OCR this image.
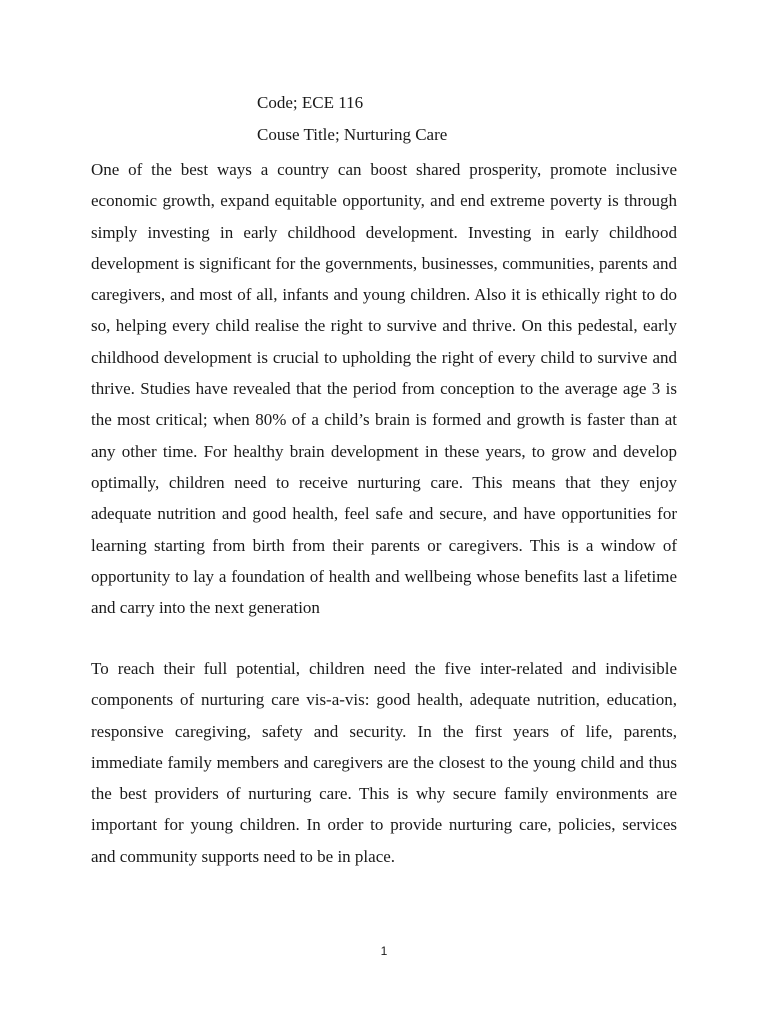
Code; ECE 116

Couse Title; Nurturing Care

One of the best ways a country can boost shared prosperity, promote inclusive economic growth, expand equitable opportunity, and end extreme poverty is through simply investing in early childhood development. Investing in early childhood development is significant for the governments, businesses, communities, parents and caregivers, and most of all, infants and young children. Also it is ethically right to do so, helping every child realise the right to survive and thrive. On this pedestal, early childhood development is crucial to upholding the right of every child to survive and thrive. Studies have revealed that the period from conception to the average age 3 is the most critical; when 80% of a child’s brain is formed and growth is faster than at any other time. For healthy brain development in these years, to grow and develop optimally, children need to receive nurturing care. This means that they enjoy adequate nutrition and good health, feel safe and secure, and have opportunities for learning starting from birth from their parents or caregivers. This is a window of opportunity to lay a foundation of health and wellbeing whose benefits last a lifetime and carry into the next generation

To reach their full potential, children need the five inter-related and indivisible components of nurturing care vis-a-vis: good health, adequate nutrition, education, responsive caregiving, safety and security. In the first years of life, parents, immediate family members and caregivers are the closest to the young child and thus the best providers of nurturing care. This is why secure family environments are important for young children. In order to provide nurturing care, policies, services and community supports need to be in place.

1
